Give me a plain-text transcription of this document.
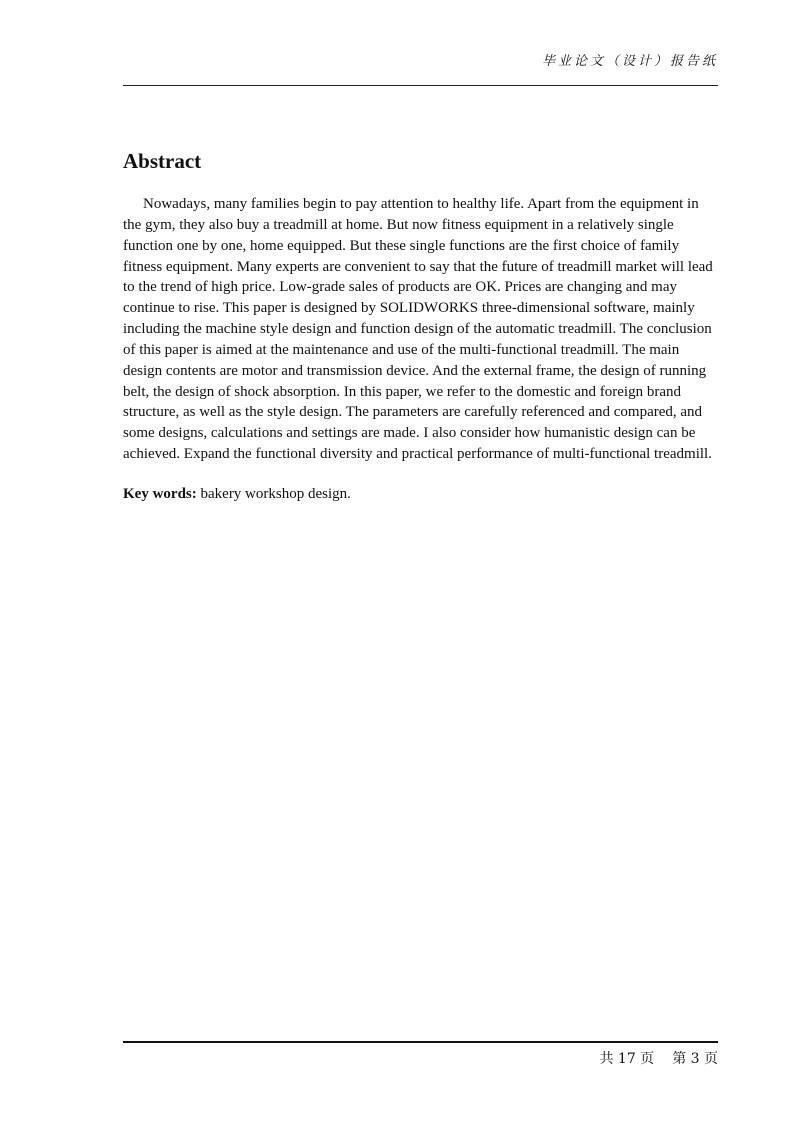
毕业论文（设计）报告纸
Abstract

Nowadays, many families begin to pay attention to healthy life. Apart from the equipment in the gym, they also buy a treadmill at home. But now fitness equipment in a relatively single function one by one, home equipped. But these single functions are the first choice of family fitness equipment. Many experts are convenient to say that the future of treadmill market will lead to the trend of high price. Low-grade sales of products are OK. Prices are changing and may continue to rise. This paper is designed by SOLIDWORKS three-dimensional software, mainly including the machine style design and function design of the automatic treadmill. The conclusion of this paper is aimed at the maintenance and use of the multi-functional treadmill. The main design contents are motor and transmission device. And the external frame, the design of running belt, the design of shock absorption. In this paper, we refer to the domestic and foreign brand structure, as well as the style design. The parameters are carefully referenced and compared, and some designs, calculations and settings are made. I also consider how humanistic design can be achieved. Expand the functional diversity and practical performance of multi-functional treadmill.

Key words: bakery workshop design.

共 17 页 第 3 页
